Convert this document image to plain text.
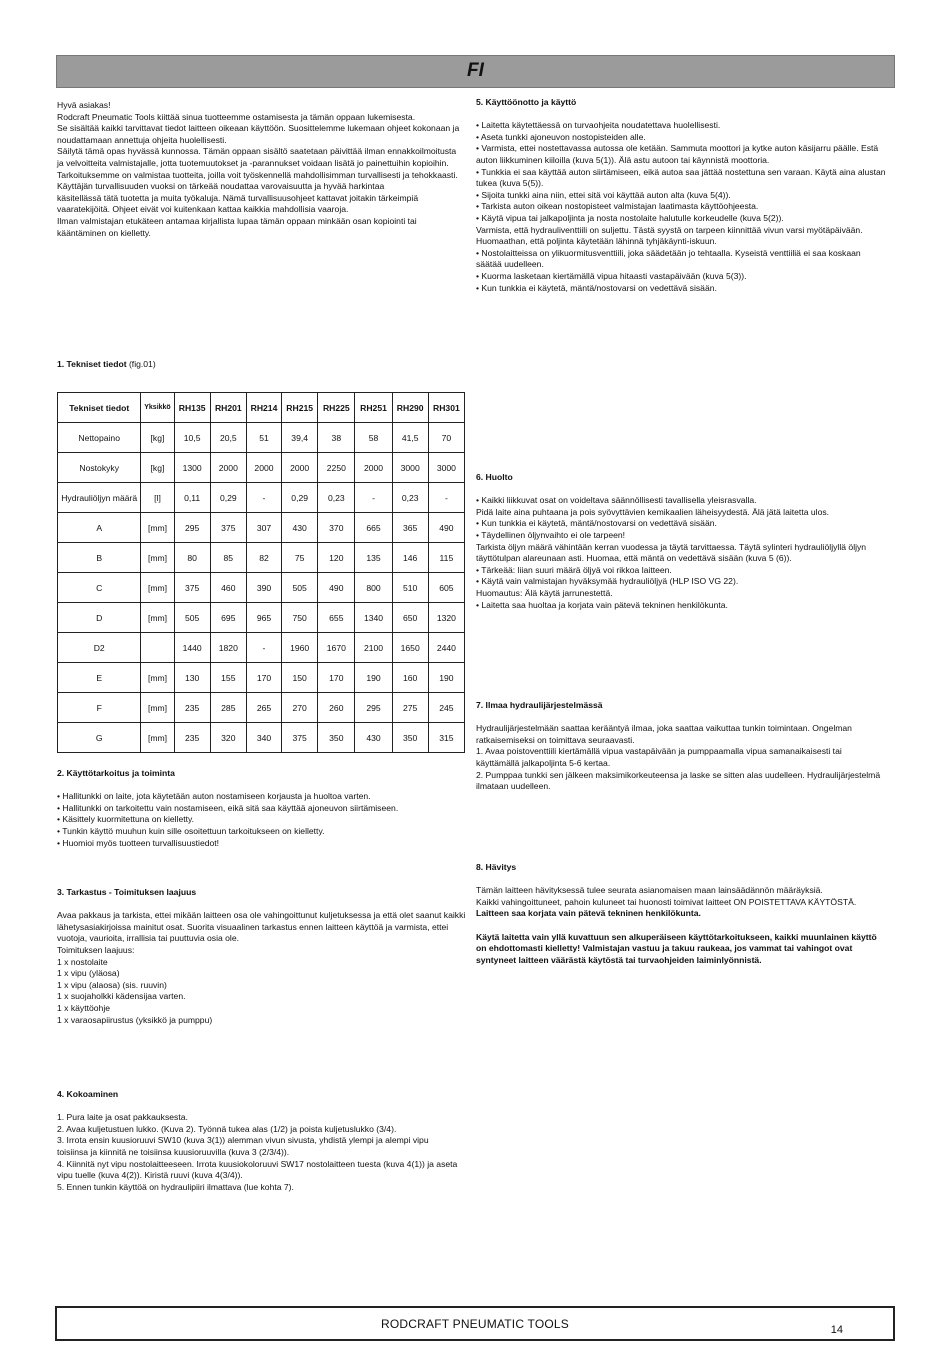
FI

Hyvä asiakas!

Rodcraft Pneumatic Tools kiittää sinua tuotteemme ostamisesta ja tämän oppaan lukemisesta.

Se sisältää kaikki tarvittavat tiedot laitteen oikeaan käyttöön. Suosittelemme lukemaan ohjeet kokonaan ja noudattamaan annettuja ohjeita huolellisesti.

Säilytä tämä opas hyvässä kunnossa. Tämän oppaan sisältö saatetaan päivittää ilman ennakkoilmoitusta ja velvoitteita valmistajalle, jotta tuotemuutokset ja -parannukset voidaan lisätä jo painettuihin kopioihin.

Tarkoituksemme on valmistaa tuotteita, joilla voit työskennellä mahdollisimman turvallisesti ja tehokkaasti. Käyttäjän turvallisuuden vuoksi on tärkeää noudattaa varovaisuutta ja hyvää harkintaa

käsitellässä tätä tuotetta ja muita työkaluja. Nämä turvallisuusohjeet kattavat joitakin tärkeimpiä vaaratekijöitä. Ohjeet eivät voi kuitenkaan kattaa kaikkia mahdollisia vaaroja.

Ilman valmistajan etukäteen antamaa kirjallista lupaa tämän oppaan minkään osan kopiointi tai kääntäminen on kielletty.

1. Tekniset tiedot (fig.01)
Tekniset tiedot	Yksikkö	RH135	RH201	RH214	RH215	RH225	RH251	RH290	RH301
Nettopaino	[kg]	10,5	20,5	51	39,4	38	58	41,5	70
Nostokyky	[kg]	1300	2000	2000	2000	2250	2000	3000	3000
Hydrauliöljyn määrä	[l]	0,11	0,29	-	0,29	0,23	-	0,23	-
A	[mm]	295	375	307	430	370	665	365	490
B	[mm]	80	85	82	75	120	135	146	115
C	[mm]	375	460	390	505	490	800	510	605
D	[mm]	505	695	965	750	655	1340	650	1320
D2		1440	1820	-	1960	1670	2100	1650	2440
E	[mm]	130	155	170	150	170	190	160	190
F	[mm]	235	285	265	270	260	295	275	245
G	[mm]	235	320	340	375	350	430	350	315

2. Käyttötarkoitus ja toiminta

• Hallitunkki on laite, jota käytetään auton nostamiseen korjausta ja huoltoa varten.

• Hallitunkki on tarkoitettu vain nostamiseen, eikä sitä saa käyttää ajoneuvon siirtämiseen.

• Käsittely kuormitettuna on kielletty.

• Tunkin käyttö muuhun kuin sille osoitettuun tarkoitukseen on kielletty.

• Huomioi myös tuotteen turvallisuustiedot!

3. Tarkastus - Toimituksen laajuus

Avaa pakkaus ja tarkista, ettei mikään laitteen osa ole vahingoittunut kuljetuksessa ja että olet saanut kaikki lähetysasiakirjoissa mainitut osat. Suorita visuaalinen tarkastus ennen laitteen käyttöä ja varmista, ettei vuotoja, vaurioita, irrallisia tai puuttuvia osia ole.

Toimituksen laajuus:

1 x nostolaite

1 x vipu (yläosa)

1 x vipu (alaosa) (sis. ruuvin)

1 x suojaholkki kädensijaa varten.

1 x käyttöohje

1 x varaosapiirustus (yksikkö ja pumppu)

4. Kokoaminen

1. Pura laite ja osat pakkauksesta.

2. Avaa kuljetustuen lukko. (Kuva 2). Työnnä tukea alas (1/2) ja poista kuljetuslukko (3/4).

3. Irrota ensin kuusioruuvi SW10 (kuva 3(1)) alemman vivun sivusta, yhdistä ylempi ja alempi vipu toisiinsa ja kiinnitä ne toisiinsa kuusioruuvilla (kuva 3 (2/3/4)).

4. Kiinnitä nyt vipu nostolaitteeseen. Irrota kuusiokoloruuvi SW17 nostolaitteen tuesta (kuva 4(1)) ja aseta vipu tuelle (kuva 4(2)). Kiristä ruuvi (kuva 4(3/4)).

5. Ennen tunkin käyttöä on hydraulipiiri ilmattava (lue kohta 7).

5. Käyttöönotto ja käyttö

• Laitetta käytettäessä on turvaohjeita noudatettava huolellisesti.

• Aseta tunkki ajoneuvon nostopisteiden alle.

• Varmista, ettei nostettavassa autossa ole ketään. Sammuta moottori ja kytke auton käsijarru päälle. Estä auton liikkuminen kiiloilla (kuva 5(1)). Älä astu autoon tai käynnistä moottoria.

• Tunkkia ei saa käyttää auton siirtämiseen, eikä autoa saa jättää nostettuna sen varaan. Käytä aina alustan tukea (kuva 5(5)).

• Sijoita tunkki aina niin, ettei sitä voi käyttää auton alta (kuva 5(4)).

• Tarkista auton oikean nostopisteet valmistajan laatimasta käyttöohjeesta.

• Käytä vipua tai jalkapoljinta ja nosta nostolaite halutulle korkeudelle (kuva 5(2)).

Varmista, että hydrauliventtiili on suljettu. Tästä syystä on tarpeen kiinnittää vivun varsi myötäpäivään.

Huomaathan, että poljinta käytetään lähinnä tyhjäkäynti-iskuun.

• Nostolaitteissa on ylikuormitusventtiili, joka säädetään jo tehtaalla. Kyseistä venttiiliä ei saa koskaan säätää uudelleen.

• Kuorma lasketaan kiertämällä vipua hitaasti vastapäivään (kuva 5(3)).

• Kun tunkkia ei käytetä, mäntä/nostovarsi on vedettävä sisään.

6. Huolto

• Kaikki liikkuvat osat on voideltava säännöllisesti tavallisella yleisrasvalla.

Pidä laite aina puhtaana ja pois syövyttävien kemikaalien läheisyydestä. Älä jätä laitetta ulos.

• Kun tunkkia ei käytetä, mäntä/nostovarsi on vedettävä sisään.

• Täydellinen öljynvaihto ei ole tarpeen!

Tarkista öljyn määrä vähintään kerran vuodessa ja täytä tarvittaessa. Täytä sylinteri hydrauliöljyllä öljyn täyttötulpan alareunaan asti. Huomaa, että mäntä on vedettävä sisään (kuva 5 (6)).

• Tärkeää: liian suuri määrä öljyä voi rikkoa laitteen.

• Käytä vain valmistajan hyväksymää hydrauliöljyä (HLP ISO VG 22).

Huomautus: Älä käytä jarrunestettä.

• Laitetta saa huoltaa ja korjata vain pätevä tekninen henkilökunta.

7. Ilmaa hydraulijärjestelmässä

Hydraulijärjestelmään saattaa kerääntyä ilmaa, joka saattaa vaikuttaa tunkin toimintaan. Ongelman ratkaisemiseksi on toimittava seuraavasti.

1. Avaa poistoventtiili kiertämällä vipua vastapäivään ja pumppaamalla vipua samanaikaisesti tai käyttämällä jalkapoljinta 5-6 kertaa.

2. Pumppaa tunkki sen jälkeen maksimikorkeuteensa ja laske se sitten alas uudelleen. Hydraulijärjestelmä ilmataan uudelleen.

8. Hävitys

Tämän laitteen hävityksessä tulee seurata asianomaisen maan lainsäädännön määräyksiä.

Kaikki vahingoittuneet, pahoin kuluneet tai huonosti toimivat laitteet ON POISTETTAVA KÄYTÖSTÄ.

Laitteen saa korjata vain pätevä tekninen henkilökunta.

Käytä laitetta vain yllä kuvattuun sen alkuperäiseen käyttötarkoitukseen, kaikki muunlainen käyttö on ehdottomasti kielletty! Valmistajan vastuu ja takuu raukeaa, jos vammat tai vahingot ovat syntyneet laitteen väärästä käytöstä tai turvaohjeiden laiminlyönnistä.

RODCRAFT PNEUMATIC TOOLS	14
